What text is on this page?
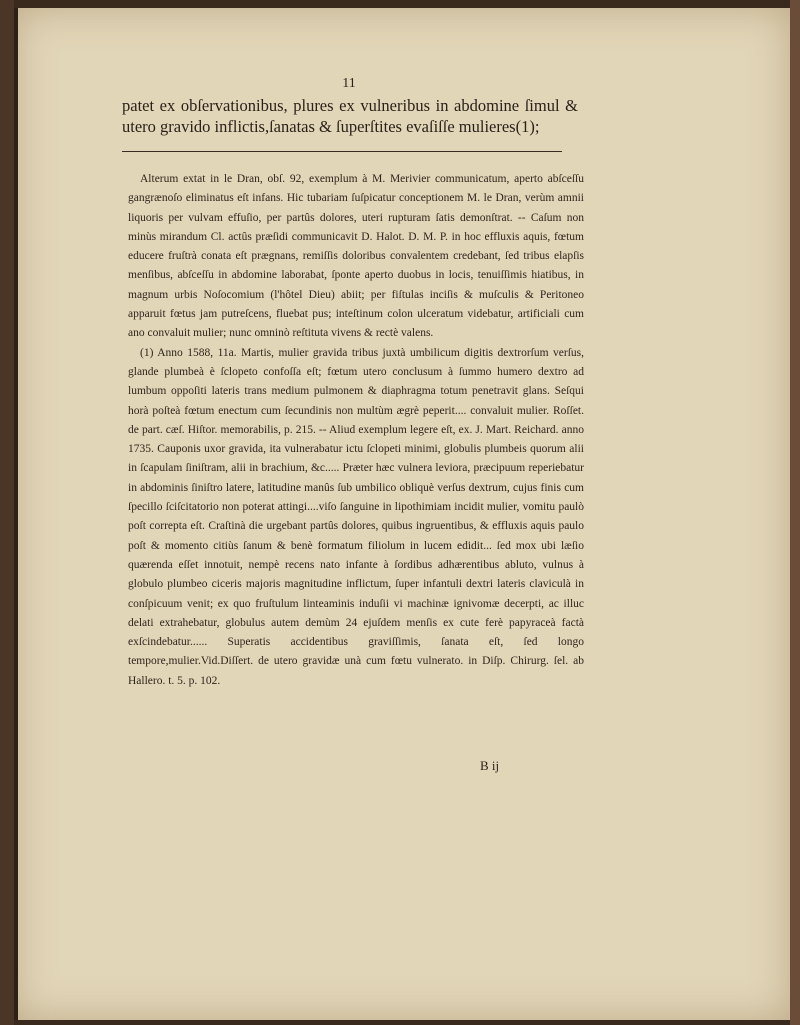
11
patet ex obſervationibus, plures ex vulneribus in abdomine ſimul & utero gravido inflictis,ſanatas & ſuperſtites evaſiſſe mulieres(1);

Alterum extat in le Dran, obſ. 92, exemplum à M. Merivier communicatum, aperto abſceſſu gangrænoſo eliminatus eſt infans. Hic tubariam ſuſpicatur conceptionem M. le Dran, verùm amnii liquoris per vulvam effuſio, per partûs dolores, uteri rupturam ſatis demonſtrat. -- Caſum non minùs mirandum Cl. actûs præſidi communicavit D. Halot. D. M. P. in hoc effluxis aquis, fœtum educere fruſtrà conata eſt prægnans, remiſſis doloribus convalentem credebant, ſed tribus elapſis menſibus, abſceſſu in abdomine laborabat, ſponte aperto duobus in locis, tenuiſſimis hiatibus, in magnum urbis Noſocomium (l'hôtel Dieu) abiit; per fiſtulas inciſis & muſculis & Peritoneo apparuit fœtus jam putreſcens, fluebat pus; inteſtinum colon ulceratum videbatur, artificiali cum ano convaluit mulier; nunc omninò reſtituta vivens & rectè valens.

(1) Anno 1588, 11a. Martis, mulier gravida tribus juxtà umbilicum digitis dextrorſum verſus, glande plumbeà è ſclopeto confoſſa eſt; fœtum utero conclusum à ſummo humero dextro ad lumbum oppoſiti lateris trans medium pulmonem & diaphragma totum penetravit glans. Seſqui horà poſteà fœtum enectum cum ſecundinis non multùm ægrè peperit.... convaluit mulier. Roſſet. de part. cæſ. Hiſtor. memorabilis, p. 215. -- Aliud exemplum legere eſt, ex. J. Mart. Reichard. anno 1735. Cauponis uxor gravida, ita vulnerabatur ictu ſclopeti minimi, globulis plumbeis quorum alii in ſcapulam ſiniſtram, alii in brachium, &c..... Præter hæc vulnera leviora, præcipuum reperiebatur in abdominis ſiniſtro latere, latitudine manûs ſub umbilico obliquè verſus dextrum, cujus finis cum ſpecillo ſciſcitatorio non poterat attingi....viſo ſanguine in lipothimiam incidit mulier, vomitu paulò poſt correpta eſt. Craſtinà die urgebant partûs dolores, quibus ingruentibus, & effluxis aquis paulo poſt & momento citiùs ſanum & benè formatum filiolum in lucem edidit... ſed mox ubi læſio quærenda eſſet innotuit, nempè recens nato infante à ſordibus adhærentibus abluto, vulnus à globulo plumbeo ciceris majoris magnitudine inflictum, ſuper infantuli dextri lateris claviculà in conſpicuum venit; ex quo fruſtulum linteaminis induſii vi machinæ ignivomæ decerpti, ac illuc delati extrahebatur, globulus autem demùm 24 ejuſdem menſis ex cute ferè papyraceà factà exſcindebatur...... Superatis accidentibus graviſſimis, ſanata eſt, ſed longo tempore,mulier.Vid.Diſſert. de utero gravidæ unà cum fœtu vulnerato. in Diſp. Chirurg. ſel. ab Hallero. t. 5. p. 102.

B ij
